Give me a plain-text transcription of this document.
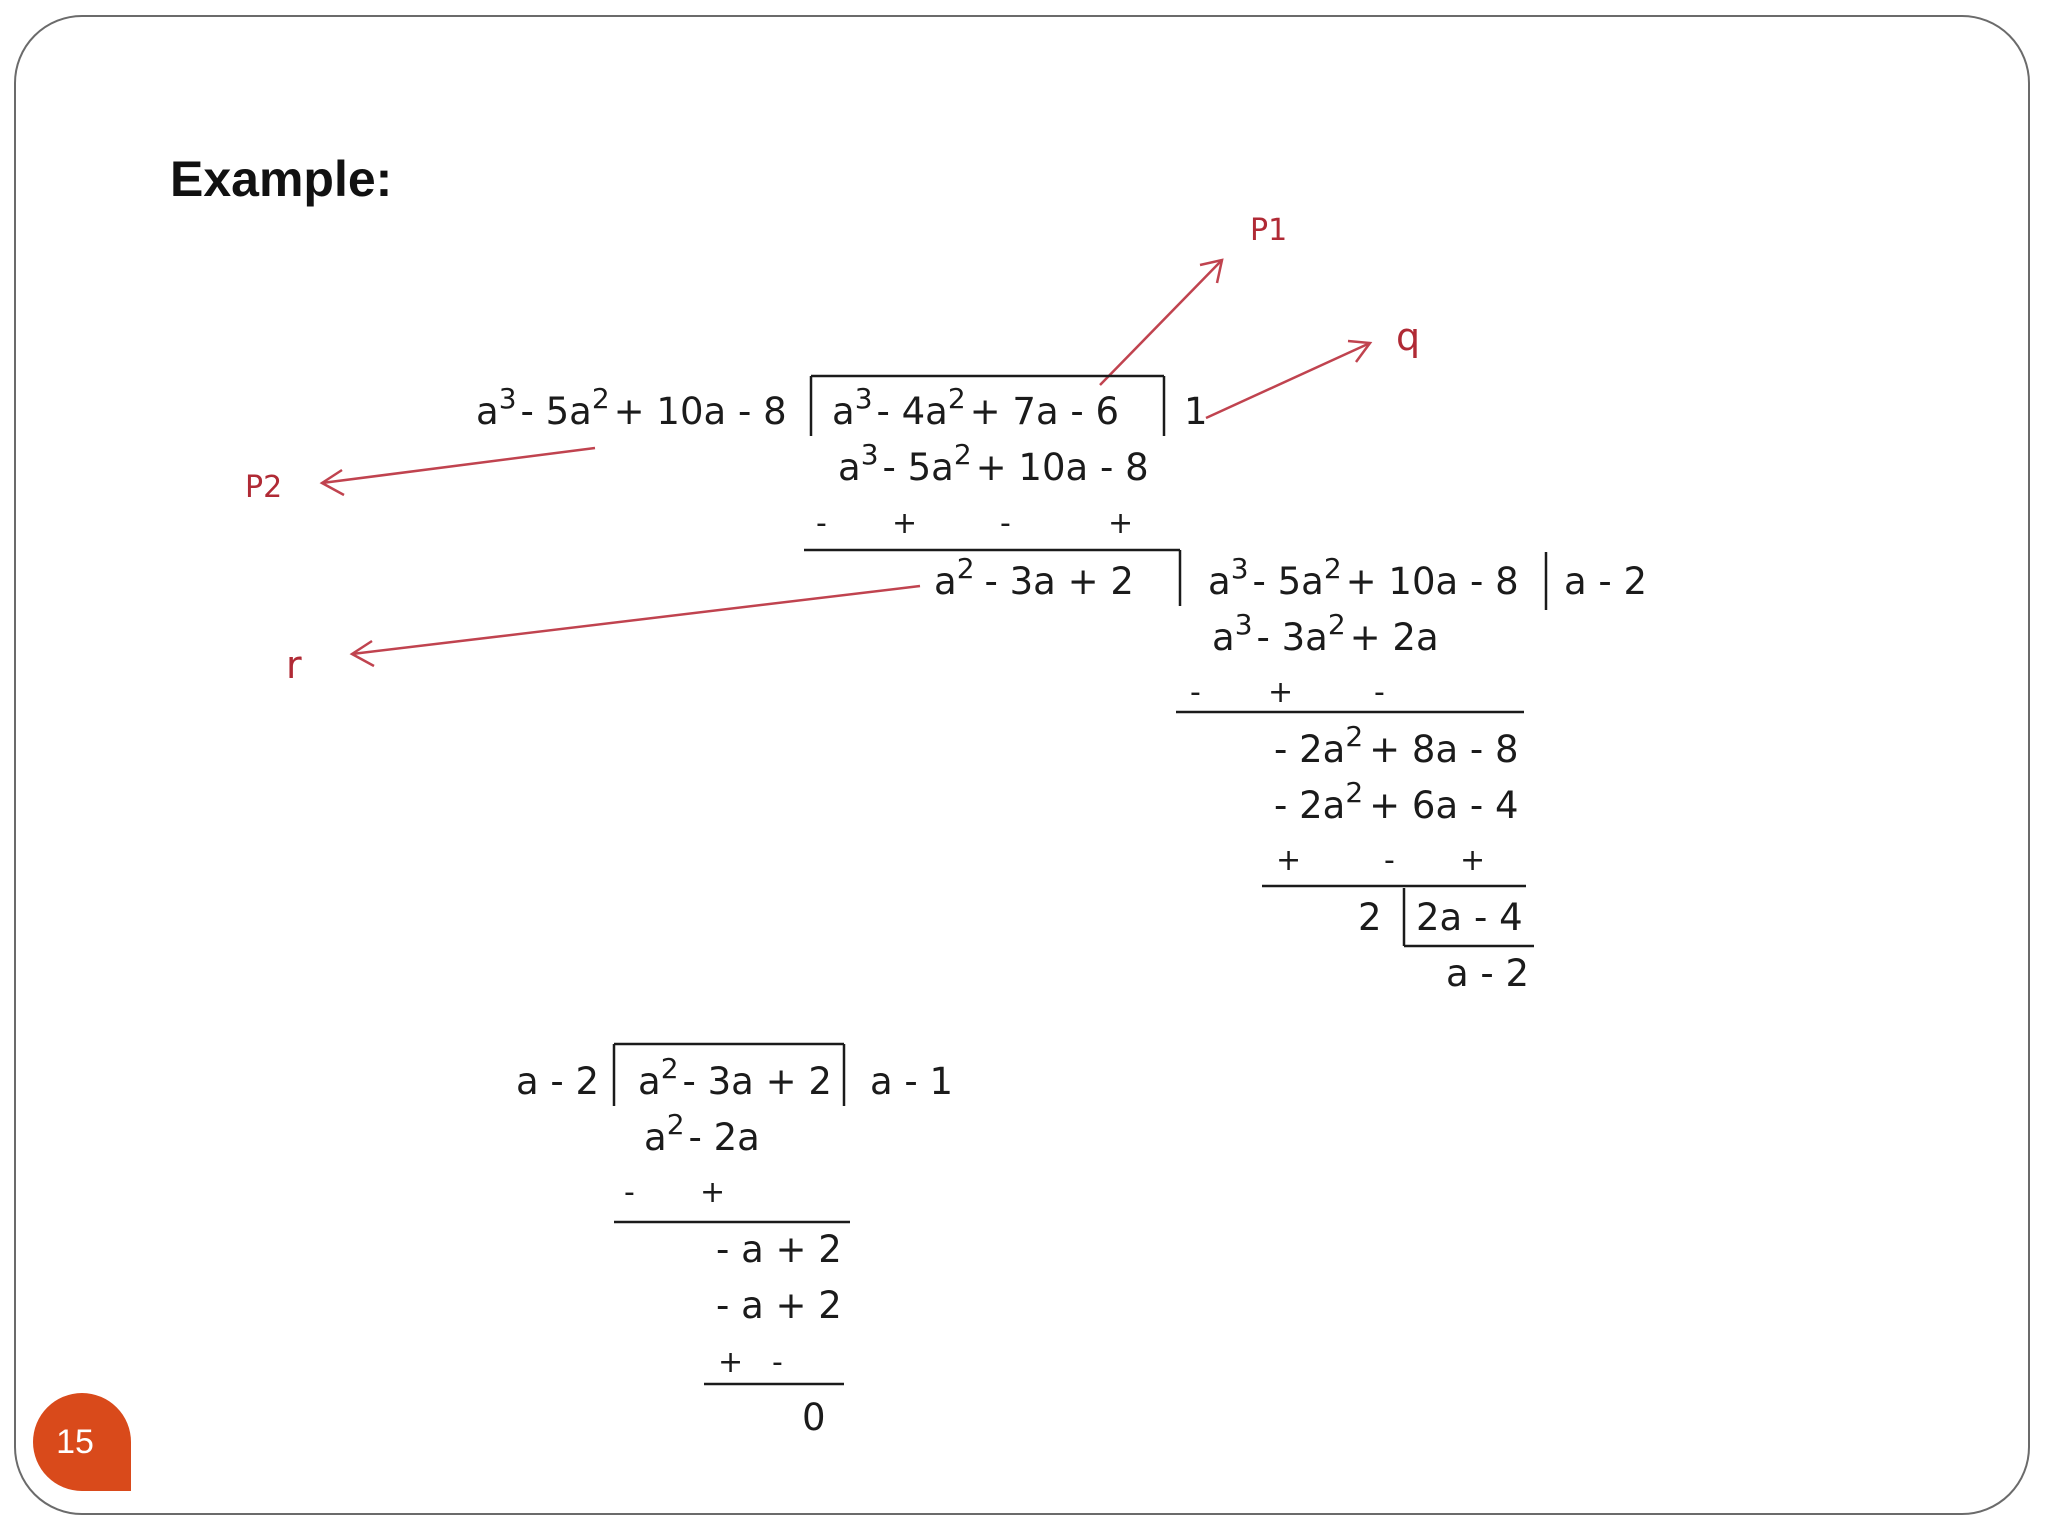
Example:
P1
q
P2
r
$a^3 - 5a^2 + 10a - 8$ $a^3 - 4a^2 + 7a - 6$ 1
$a^3 - 5a^2 + 10a - 8$
- +	-	+
$a^2 - 3a + 2$ $a^3 - 5a^2 + 10a - 8$ a - 2
$a^3 - 3a^2 + 2a$
- +	-
- $2a^2 + 8a - 8$
- $2a^2 + 6a - 4$
+	- +
2 2a - 4
a - 2
a - 2 $a^2 - 3a + 2$ a - 1
$a^2 - 2a$
- +
- a + 2
- a + 2
+ -
0
15
